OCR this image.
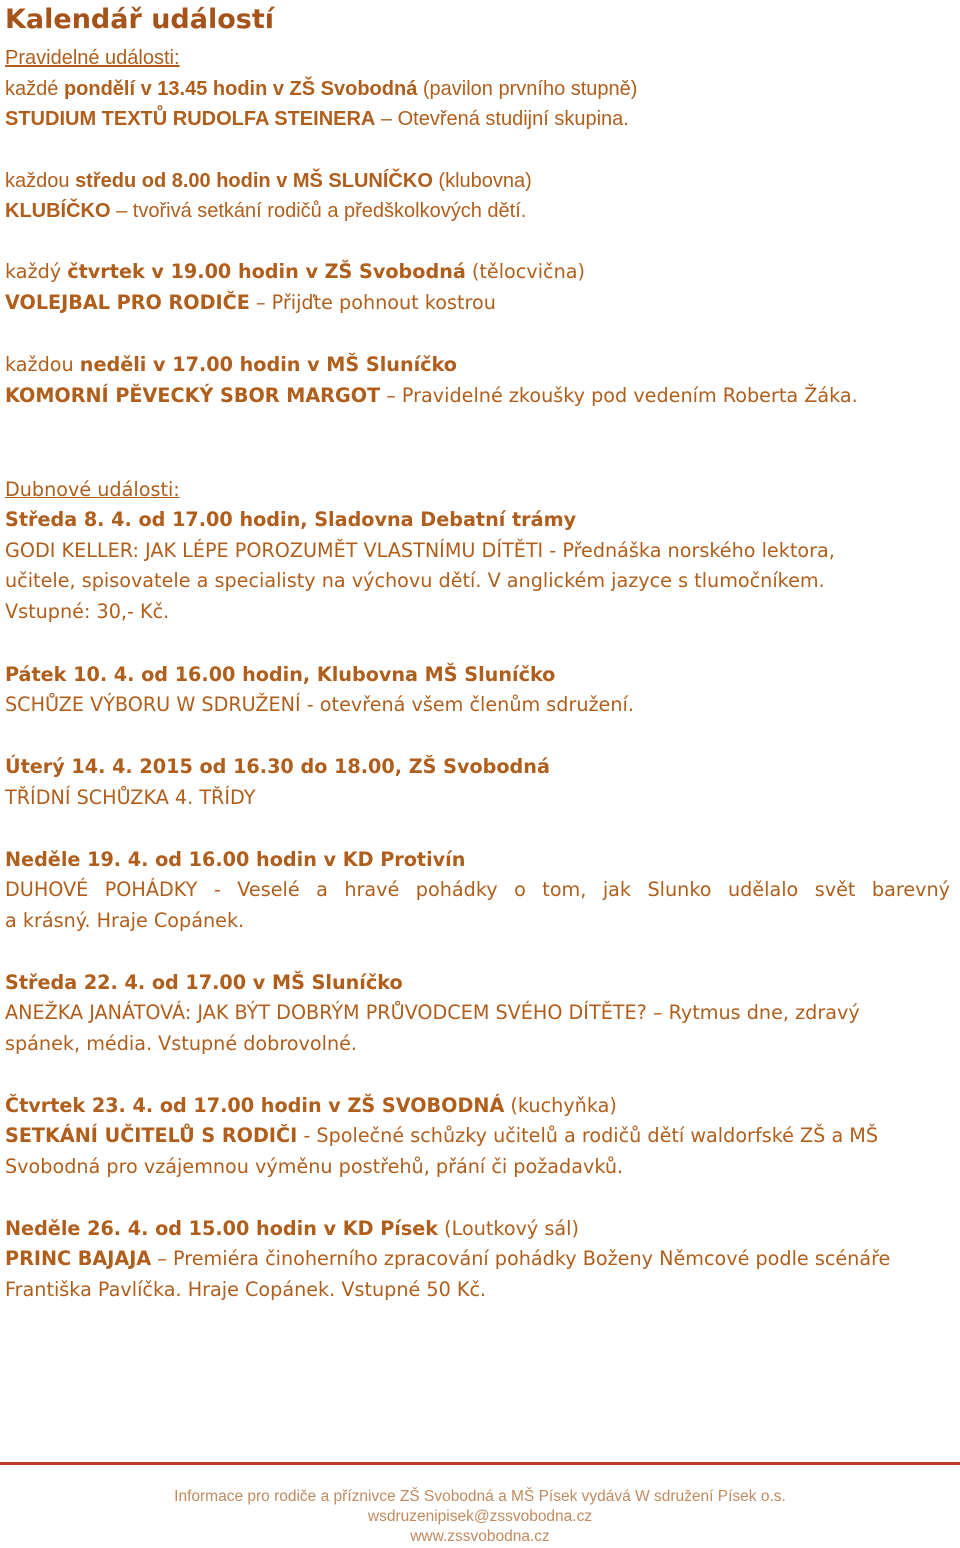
Kalendář událostí
Pravidelné události:
každé pondělí v 13.45 hodin v ZŠ Svobodná (pavilon prvního stupně)
STUDIUM TEXTŮ RUDOLFA STEINERA – Otevřená studijní skupina.
každou středu od 8.00 hodin v MŠ SLUNÍČKO (klubovna)
KLUBÍČKO – tvořivá setkání rodičů a předškolkových dětí.
každý čtvrtek v 19.00 hodin v ZŠ Svobodná (tělocvična)
VOLEJBAL PRO RODIČE – Přijďte pohnout kostrou
každou neděli v 17.00 hodin v MŠ Sluníčko
KOMORNÍ PĚVECKÝ SBOR MARGOT – Pravidelné zkoušky pod vedením Roberta Žáka.
Dubnové události:
Středa 8. 4. od 17.00 hodin, Sladovna Debatní trámy
GODI KELLER: JAK LÉPE POROZUMĚT VLASTNÍMU DÍTĚTI - Přednáška norského lektora,
učitele, spisovatele a specialisty na výchovu dětí. V anglickém jazyce s tlumočníkem.
Vstupné: 30,- Kč.
Pátek 10. 4. od 16.00 hodin, Klubovna MŠ Sluníčko
SCHŮZE VÝBORU W SDRUŽENÍ - otevřená všem členům sdružení.
Úterý 14. 4. 2015 od 16.30 do 18.00, ZŠ Svobodná
TŘÍDNÍ SCHŮZKA 4. TŘÍDY
Neděle 19. 4. od 16.00 hodin v KD Protivín
DUHOVÉ POHÁDKY - Veselé a hravé pohádky o tom, jak Slunko udělalo svět barevný
a krásný. Hraje Copánek.
Středa 22. 4. od 17.00 v MŠ Sluníčko
ANEŽKA JANÁTOVÁ: JAK BÝT DOBRÝM PRŮVODCEM SVÉHO DÍTĚTE? – Rytmus dne, zdravý
spánek, média. Vstupné dobrovolné.
Čtvrtek 23. 4. od 17.00 hodin v ZŠ SVOBODNÁ (kuchyňka)
SETKÁNÍ UČITELŮ S RODIČI - Společné schůzky učitelů a rodičů dětí waldorfské ZŠ a MŠ
Svobodná pro vzájemnou výměnu postřehů, přání či požadavků.
Neděle 26. 4. od 15.00 hodin v KD Písek (Loutkový sál)
PRINC BAJAJA – Premiéra činoherního zpracování pohádky Boženy Němcové podle scénáře
Františka Pavlíčka. Hraje Copánek. Vstupné 50 Kč.
Informace pro rodiče a příznivce ZŠ Svobodná a MŠ Písek vydává W sdružení Písek o.s.
wsdruzenipisek@zssvobodna.cz
www.zssvobodna.cz
